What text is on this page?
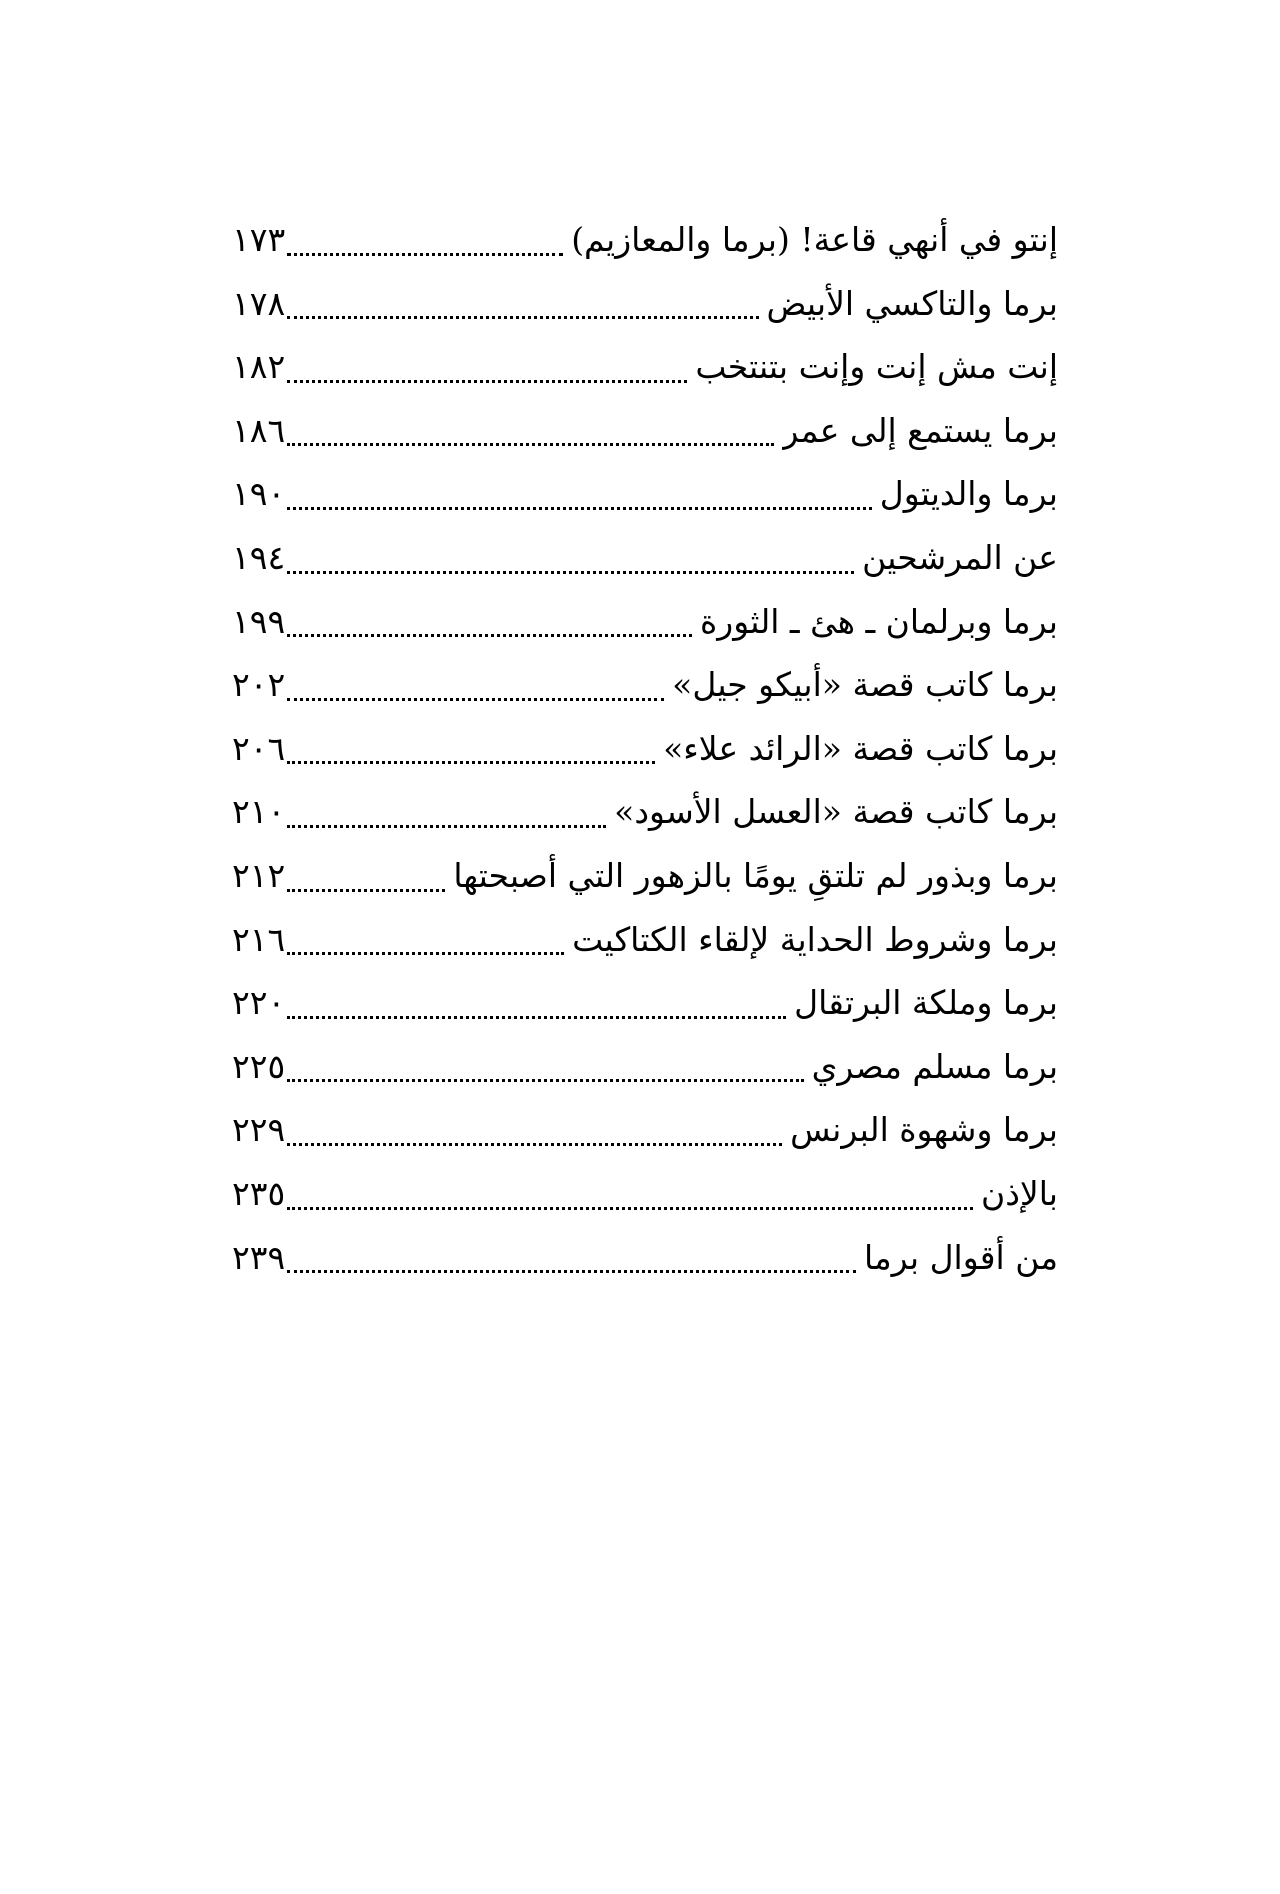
إنتو في أنهي قاعة! (برما والمعازيم)
١٧٣
برما والتاكسي الأبيض
١٧٨
إنت مش إنت وإنت بتنتخب
١٨٢
برما يستمع إلى عمر
١٨٦
برما والديتول
١٩٠
عن المرشحين
١٩٤
برما وبرلمان ـ هئ ـ الثورة
١٩٩
برما كاتب قصة «أبيكو جيل»
٢٠٢
برما كاتب قصة «الرائد علاء»
٢٠٦
برما كاتب قصة «العسل الأسود»
٢١٠
برما وبذور لم تلتقِ يومًا بالزهور التي أصبحتها
٢١٢
برما وشروط الحداية لإلقاء الكتاكيت
٢١٦
برما وملكة البرتقال
٢٢٠
برما مسلم مصري
٢٢٥
برما وشهوة البرنس
٢٢٩
بالإذن
٢٣٥
من أقوال برما
٢٣٩
